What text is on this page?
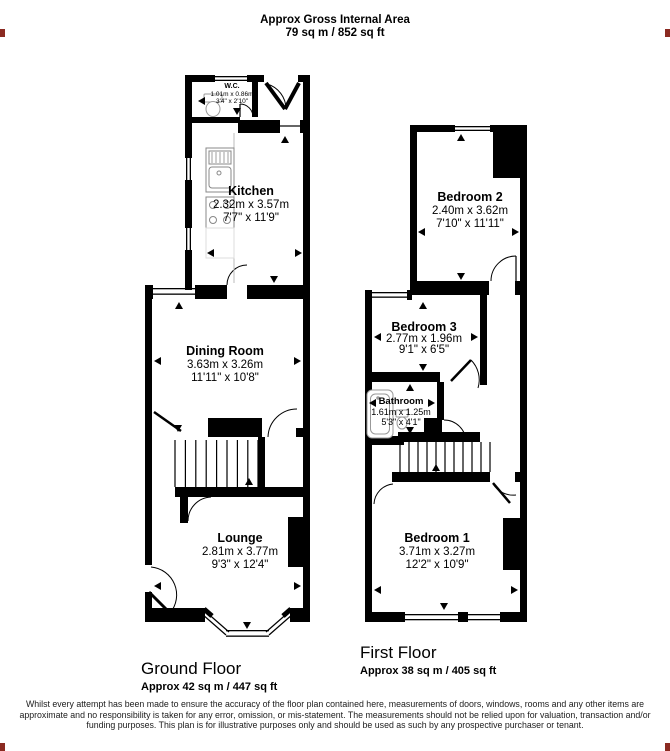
Approx Gross Internal Area
79 sq m / 852 sq ft
W.C.
1.01m x 0.86m
3'4" x 2'10"
Kitchen
2.32m x 3.57m
7'7" x 11'9"
Dining Room
3.63m x 3.26m
11'11" x 10'8"
Lounge
2.81m x 3.77m
9'3" x 12'4"
Bedroom 2
2.40m x 3.62m
7'10" x 11'11"
Bedroom 3
2.77m x 1.96m
9'1" x 6'5"
Bathroom
1.61m x 1.25m
5'3" x 4'1"
Bedroom 1
3.71m x 3.27m
12'2" x 10'9"
Ground Floor
Approx 42 sq m / 447 sq ft
First Floor
Approx 38 sq m / 405 sq ft
Whilst every attempt has been made to ensure the accuracy of the floor plan contained here, measurements of doors, windows, rooms and any other items are approximate and no responsibility is taken for any error, omission, or mis-statement. The measurements should not be relied upon for valuation, transaction and/or funding purposes. This plan is for illustrative purposes only and should be used as such by any prospective purchaser or tenant.
